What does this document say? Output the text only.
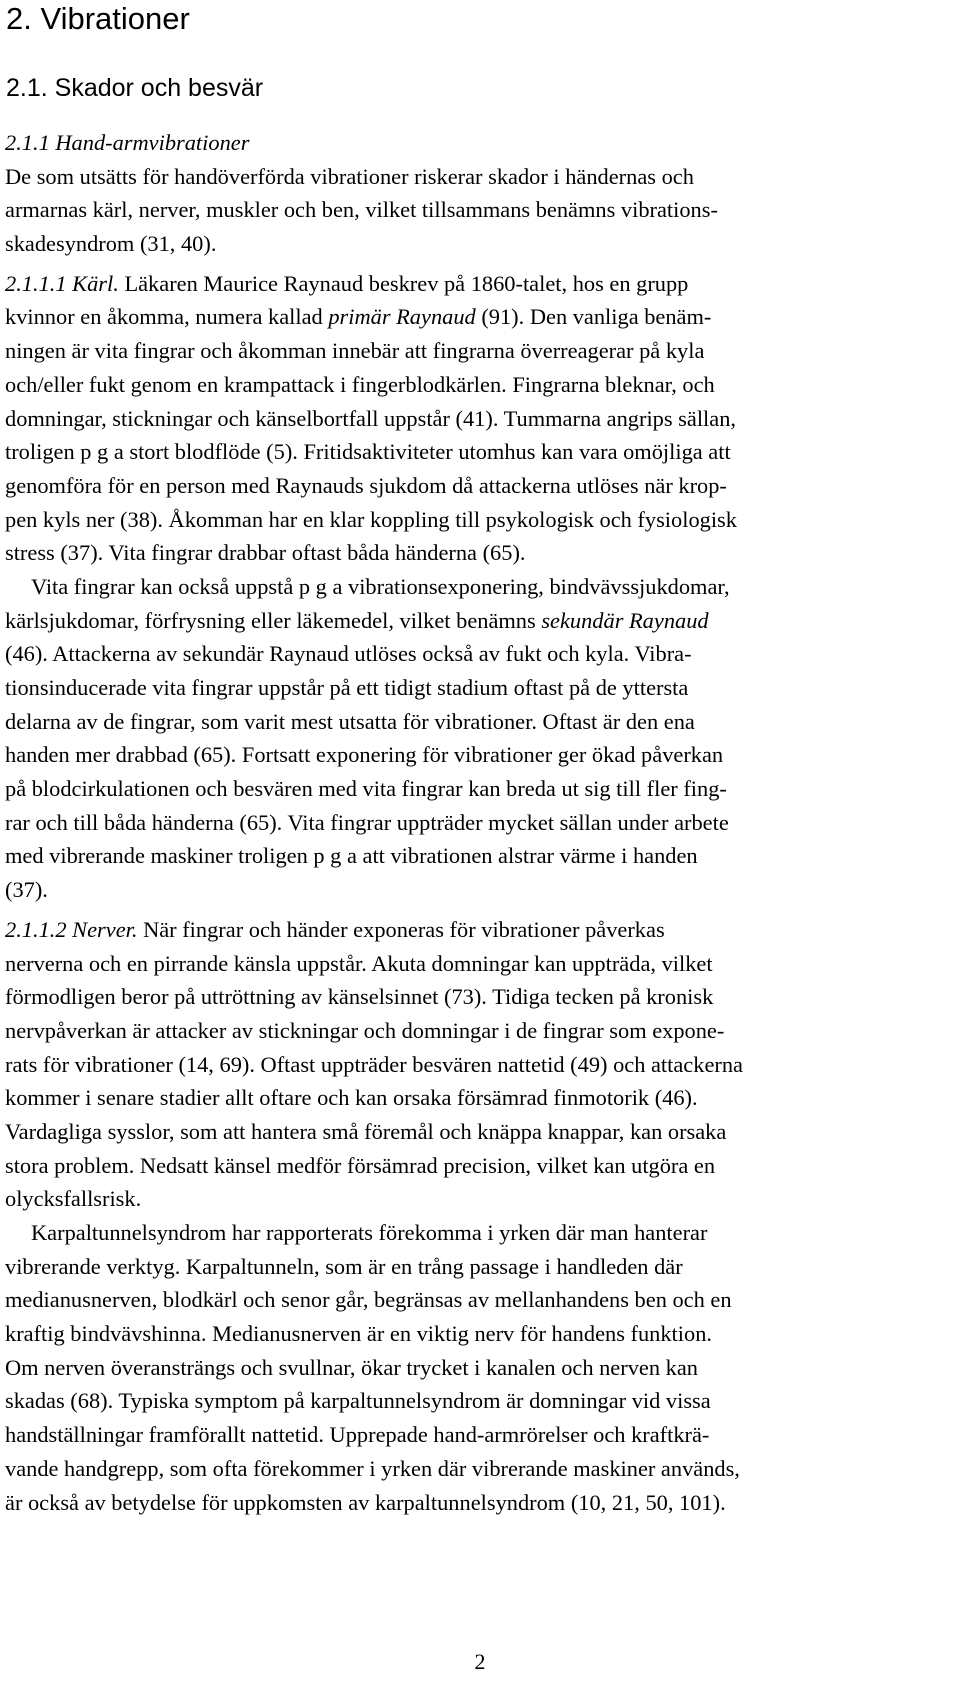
2. Vibrationer
2.1. Skador och besvär
2.1.1 Hand-armvibrationer
De som utsätts för handöverförda vibrationer riskerar skador i händernas och
armarnas kärl, nerver, muskler och ben, vilket tillsammans benämns vibrations-
skadesyndrom (31, 40).
2.1.1.1 Kärl. Läkaren Maurice Raynaud beskrev på 1860-talet, hos en grupp
kvinnor en åkomma, numera kallad primär Raynaud (91). Den vanliga benäm-
ningen är vita fingrar och åkomman innebär att fingrarna överreagerar på kyla
och/eller fukt genom en krampattack i fingerblodkärlen. Fingrarna bleknar, och
domningar, stickningar och känselbortfall uppstår (41). Tummarna angrips sällan,
troligen p g a stort blodflöde (5). Fritidsaktiviteter utomhus kan vara omöjliga att
genomföra för en person med Raynauds sjukdom då attackerna utlöses när krop-
pen kyls ner (38). Åkomman har en klar koppling till psykologisk och fysiologisk
stress (37). Vita fingrar drabbar oftast båda händerna (65).
Vita fingrar kan också uppstå p g a vibrationsexponering, bindvävssjukdomar,
kärlsjukdomar, förfrysning eller läkemedel, vilket benämns sekundär Raynaud
(46). Attackerna av sekundär Raynaud utlöses också av fukt och kyla. Vibra-
tionsinducerade vita fingrar uppstår på ett tidigt stadium oftast på de yttersta
delarna av de fingrar, som varit mest utsatta för vibrationer. Oftast är den ena
handen mer drabbad (65). Fortsatt exponering för vibrationer ger ökad påverkan
på blodcirkulationen och besvären med vita fingrar kan breda ut sig till fler fing-
rar och till båda händerna (65). Vita fingrar uppträder mycket sällan under arbete
med vibrerande maskiner troligen p g a att vibrationen alstrar värme i handen
(37).
2.1.1.2 Nerver. När fingrar och händer exponeras för vibrationer påverkas
nerverna och en pirrande känsla uppstår. Akuta domningar kan uppträda, vilket
förmodligen beror på uttröttning av känselsinnet (73). Tidiga tecken på kronisk
nervpåverkan är attacker av stickningar och domningar i de fingrar som expone-
rats för vibrationer (14, 69). Oftast uppträder besvären nattetid (49) och attackerna
kommer i senare stadier allt oftare och kan orsaka försämrad finmotorik (46).
Vardagliga sysslor, som att hantera små föremål och knäppa knappar, kan orsaka
stora problem. Nedsatt känsel medför försämrad precision, vilket kan utgöra en
olycksfallsrisk.
Karpaltunnelsyndrom har rapporterats förekomma i yrken där man hanterar
vibrerande verktyg. Karpaltunneln, som är en trång passage i handleden där
medianusnerven, blodkärl och senor går, begränsas av mellanhandens ben och en
kraftig bindvävshinna. Medianusnerven är en viktig nerv för handens funktion.
Om nerven överansträngs och svullnar, ökar trycket i kanalen och nerven kan
skadas (68). Typiska symptom på karpaltunnelsyndrom är domningar vid vissa
handställningar framförallt nattetid. Upprepade hand-armrörelser och kraftkrä-
vande handgrepp, som ofta förekommer i yrken där vibrerande maskiner används,
är också av betydelse för uppkomsten av karpaltunnelsyndrom (10, 21, 50, 101).
2
